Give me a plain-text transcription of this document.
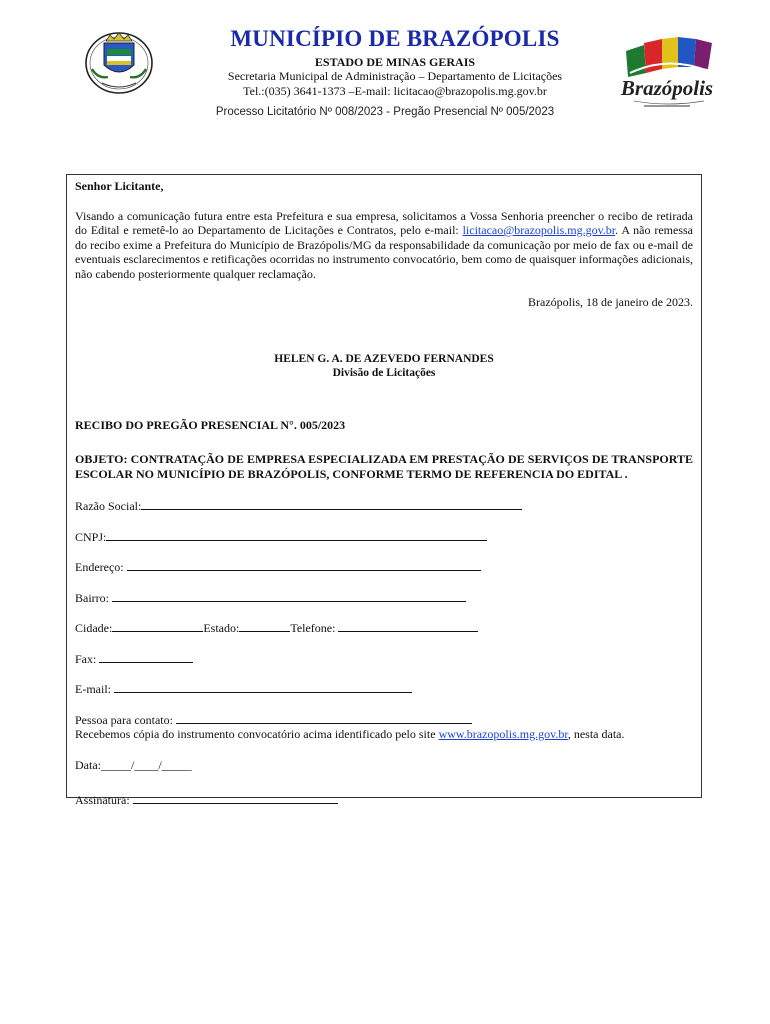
MUNICÍPIO DE BRAZÓPOLIS
ESTADO DE MINAS GERAIS
Secretaria Municipal de Administração – Departamento de Licitações
Tel.:(035) 3641-1373 –E-mail: licitacao@brazopolis.mg.gov.br	Brazópolis
Processo Licitatório Nº 008/2023 - Pregão Presencial Nº 005/2023
Senhor Licitante,
Visando a comunicação futura entre esta Prefeitura e sua empresa, solicitamos a Vossa Senhoria preencher o recibo de retirada do Edital e remetê-lo ao Departamento de Licitações e Contratos, pelo e-mail: licitacao@brazopolis.mg.gov.br. A não remessa do recibo exime a Prefeitura do Município de Brazópolis/MG da responsabilidade da comunicação por meio de fax ou e-mail de eventuais esclarecimentos e retificações ocorridas no instrumento convocatório, bem como de quaisquer informações adicionais, não cabendo posteriormente qualquer reclamação.
Brazópolis, 18 de janeiro de 2023.
HELEN G. A. DE AZEVEDO FERNANDES
Divisão de Licitações
RECIBO DO PREGÃO PRESENCIAL N°. 005/2023
OBJETO: CONTRATAÇÃO DE EMPRESA ESPECIALIZADA EM PRESTAÇÃO DE SERVIÇOS DE TRANSPORTE ESCOLAR NO MUNICÍPIO DE BRAZÓPOLIS, CONFORME TERMO DE REFERENCIA DO EDITAL .
Razão Social:
CNPJ:
Endereço:
Bairro:
Cidade:	Estado:	Telefone:
Fax:
E-mail:
Pessoa para contato:
Recebemos cópia do instrumento convocatório acima identificado pelo site www.brazopolis.mg.gov.br, nesta data.
Data:_____/____/_____
Assinatura:
